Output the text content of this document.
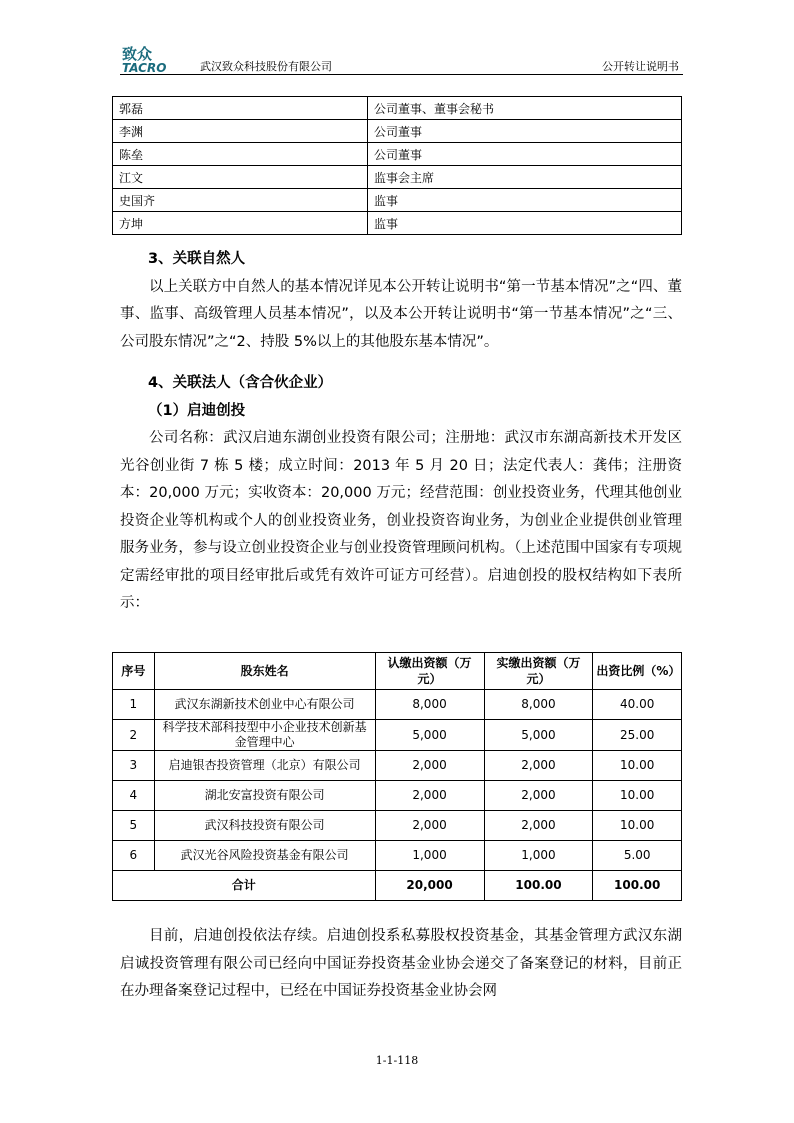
致众
TACRO	武汉致众科技股份有限公司	公开转让说明书
郭磊	公司董事、董事会秘书
李渊	公司董事
陈垒	公司董事
江文	监事会主席
史国齐	监事
方坤	监事

3、关联自然人

以上关联方中自然人的基本情况详见本公开转让说明书“第一节基本情况”之“四、董事、监事、高级管理人员基本情况”，以及本公开转让说明书“第一节基本情况”之“三、公司股东情况”之“2、持股 5%以上的其他股东基本情况”。

4、关联法人（含合伙企业）

（1）启迪创投

公司名称：武汉启迪东湖创业投资有限公司；注册地：武汉市东湖高新技术开发区光谷创业街 7 栋 5 楼；成立时间：2013 年 5 月 20 日；法定代表人：龚伟；注册资本：20,000 万元；实收资本：20,000 万元；经营范围：创业投资业务，代理其他创业投资企业等机构或个人的创业投资业务，创业投资咨询业务，为创业企业提供创业管理服务业务，参与设立创业投资企业与创业投资管理顾问机构。（上述范围中国家有专项规定需经审批的项目经审批后或凭有效许可证方可经营）。启迪创投的股权结构如下表所示：

序号	股东姓名	认缴出资额（万元）	实缴出资额（万元）	出资比例（%）
1	武汉东湖新技术创业中心有限公司	8,000	8,000	40.00
2	科学技术部科技型中小企业技术创新基金管理中心	5,000	5,000	25.00
3	启迪银杏投资管理（北京）有限公司	2,000	2,000	10.00
4	湖北安富投资有限公司	2,000	2,000	10.00
5	武汉科技投资有限公司	2,000	2,000	10.00
6	武汉光谷风险投资基金有限公司	1,000	1,000	5.00
合计		20,000	100.00	100.00

目前，启迪创投依法存续。启迪创投系私募股权投资基金，其基金管理方武汉东湖启诚投资管理有限公司已经向中国证券投资基金业协会递交了备案登记的材料，目前正在办理备案登记过程中，已经在中国证券投资基金业协会网

1-1-118
